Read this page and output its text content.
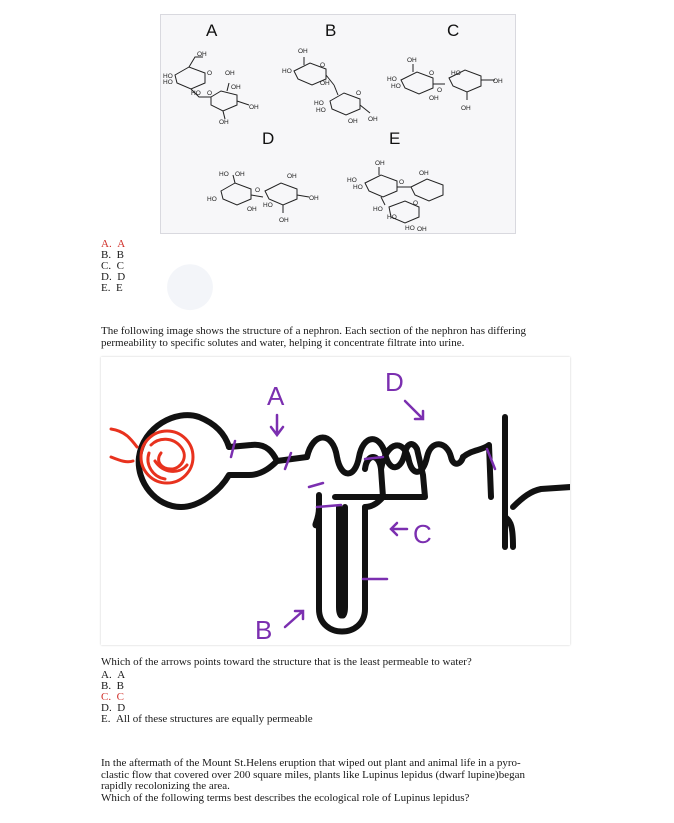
●
A	B	C
D	E
OH
HO
HO
O OH
OH
HO O
OH
OH
OH
HO
O
OH
HO
HO
O
OH OH
OH
HO
HO
O	HO
O
OH
OH
OH
HO OH	OH
HO
O
OH
HO
OH
OH
OH
HO
HO
O
OH
HO
O
HO
HO OH
A. A
B. B
C. C
D. D
E. E
The following image shows the structure of a nephron. Each section of the nephron has differing permeability to specific solutes and water, helping it concentrate filtrate into urine.
A	D
C
B
Which of the arrows points toward the structure that is the least permeable to water?
A. A
B. B
C. C
D. D
E. All of these structures are equally permeable
In the aftermath of the Mount St.Helens eruption that wiped out plant and animal life in a pyro-
clastic flow that covered over 200 square miles, plants like Lupinus lepidus (dwarf lupine)began
rapidly recolonizing the area.
Which of the following terms best describes the ecological role of Lupinus lepidus?
